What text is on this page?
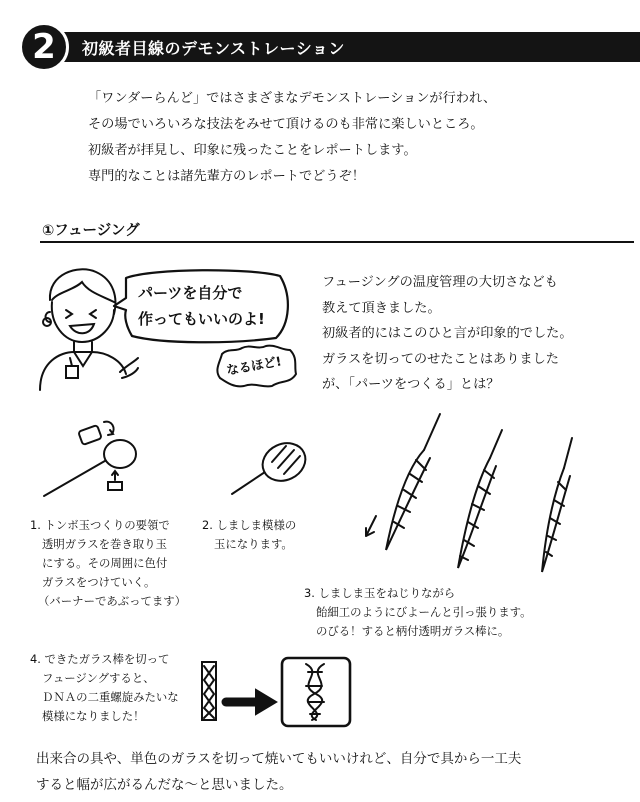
2	初級者目線のデモンストレーション
「ワンダーらんど」ではさまざまなデモンストレーションが行われ、
その場でいろいろな技法をみせて頂けるのも非常に楽しいところ。
初級者が拝見し、印象に残ったことをレポートします。
専門的なことは諸先輩方のレポートでどうぞ！
①フュージング
パーツを自分で
作ってもいいのよ!
なるほど!
フュージングの温度管理の大切さなども
教えて頂きました。
初級者的にはこのひと言が印象的でした。
ガラスを切ってのせたことはありました
が、「パーツをつくる」とは？
1. トンボ玉つくりの要領で
透明ガラスを巻き取り玉
にする。その周囲に色付
ガラスをつけていく。
（バーナーであぶってます）
2. しましま模様の
玉になります。
3. しましま玉をねじりながら
飴細工のようにびよーんと引っ張ります。
のびる！すると柄付透明ガラス棒に。
4. できたガラス棒を切って
フュージングすると、
ＤＮＡの二重螺旋みたいな
模様になりました！
出来合の具や、単色のガラスを切って焼いてもいいけれど、自分で具から一工夫
すると幅が広がるんだな〜と思いました。
